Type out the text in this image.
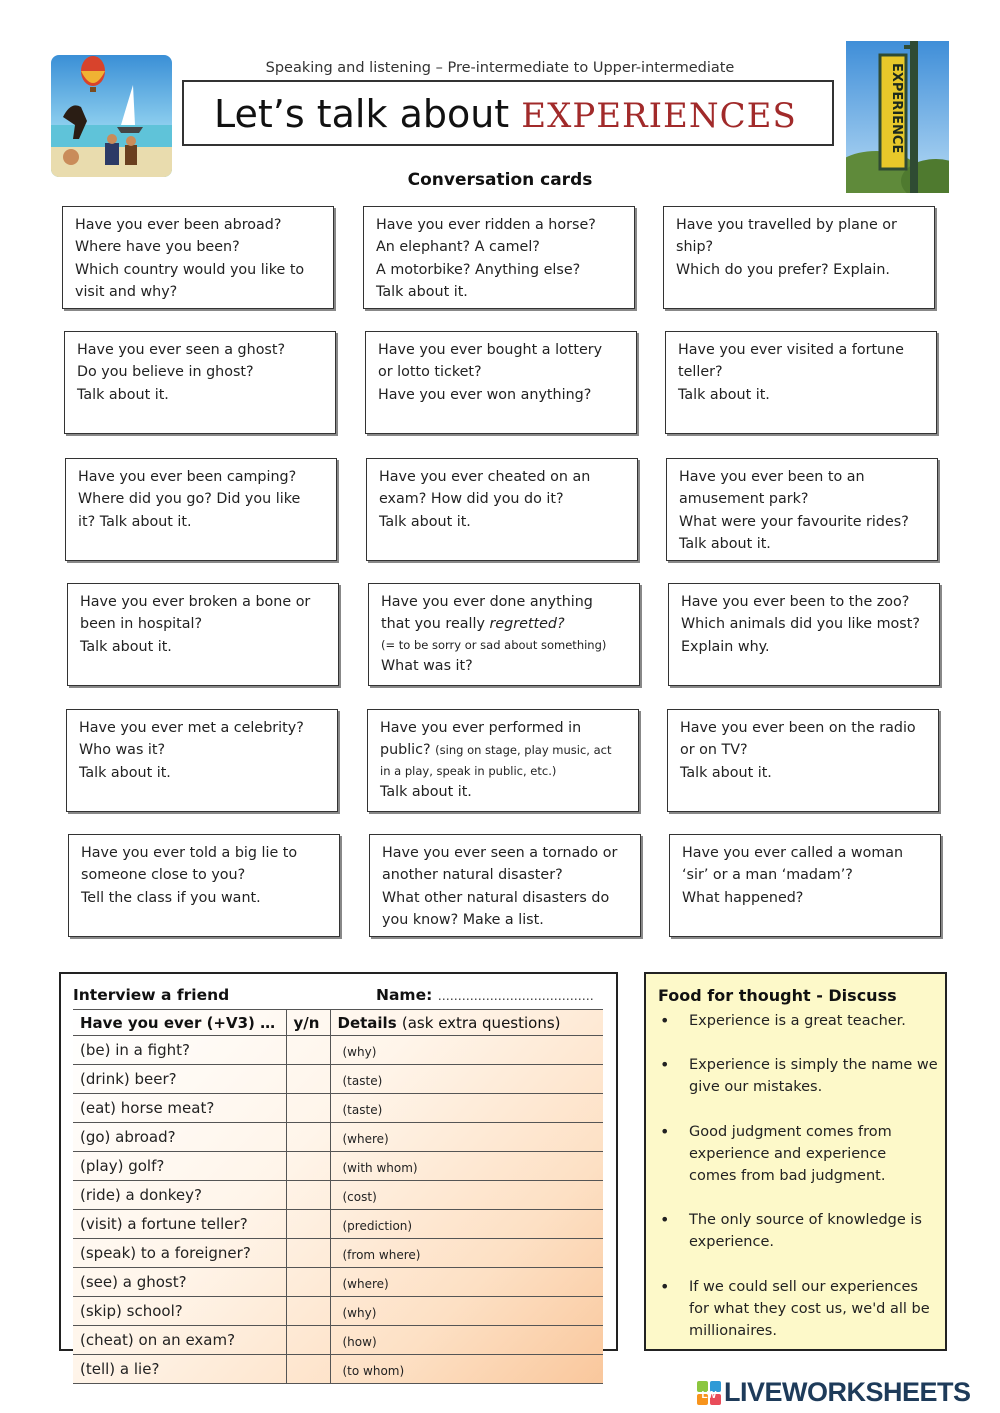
Speaking and listening – Pre-intermediate to Upper-intermediate
Let’s talk about EXPERIENCES	EXPERIENCE
Conversation cards
Have you ever been abroad?
Where have you been?
Which country would you like to
visit and why?
Have you ever ridden a horse?
An elephant? A camel?
A motorbike? Anything else?
Talk about it.
Have you travelled by plane or
ship?
Which do you prefer? Explain.
Have you ever seen a ghost?
Do you believe in ghost?
Talk about it.
Have you ever bought a lottery
or lotto ticket?
Have you ever won anything?
Have you ever visited a fortune
teller?
Talk about it.
Have you ever been camping?
Where did you go? Did you like
it? Talk about it.
Have you ever cheated on an
exam? How did you do it?
Talk about it.
Have you ever been to an
amusement park?
What were your favourite rides?
Talk about it.
Have you ever broken a bone or
been in hospital?
Talk about it.
Have you ever done anything
that you really regretted?
(= to be sorry or sad about something)
What was it?
Have you ever been to the zoo?
Which animals did you like most?
Explain why.
Have you ever met a celebrity?
Who was it?
Talk about it.
Have you ever performed in
public? (sing on stage, play music, act
in a play, speak in public, etc.)
Talk about it.
Have you ever been on the radio
or on TV?
Talk about it.
Have you ever told a big lie to
someone close to you?
Tell the class if you want.
Have you ever seen a tornado or
another natural disaster?
What other natural disasters do
you know? Make a list.
Have you ever called a woman
‘sir’ or a man ‘madam’?
What happened?
Interview a friend	Name: …………………………………
Have you ever (+V3) …	y/n	Details (ask extra questions)
(be) in a fight?		(why)
(drink) beer?		(taste)
(eat) horse meat?		(taste)
(go) abroad?		(where)
(play) golf?		(with whom)
(ride) a donkey?		(cost)
(visit) a fortune teller?		(prediction)
(speak) to a foreigner?		(from where)
(see) a ghost?		(where)
(skip) school?		(why)
(cheat) on an exam?		(how)
(tell) a lie?		(to whom)
Food for thought - Discuss
• Experience is a great teacher.
• Experience is simply the name we give our mistakes.
• Good judgment comes from experience and experience comes from bad judgment.
• The only source of knowledge is experience.
• If we could sell our experiences for what they cost us, we'd all be millionaires.
LW LIVEWORKSHEETS
